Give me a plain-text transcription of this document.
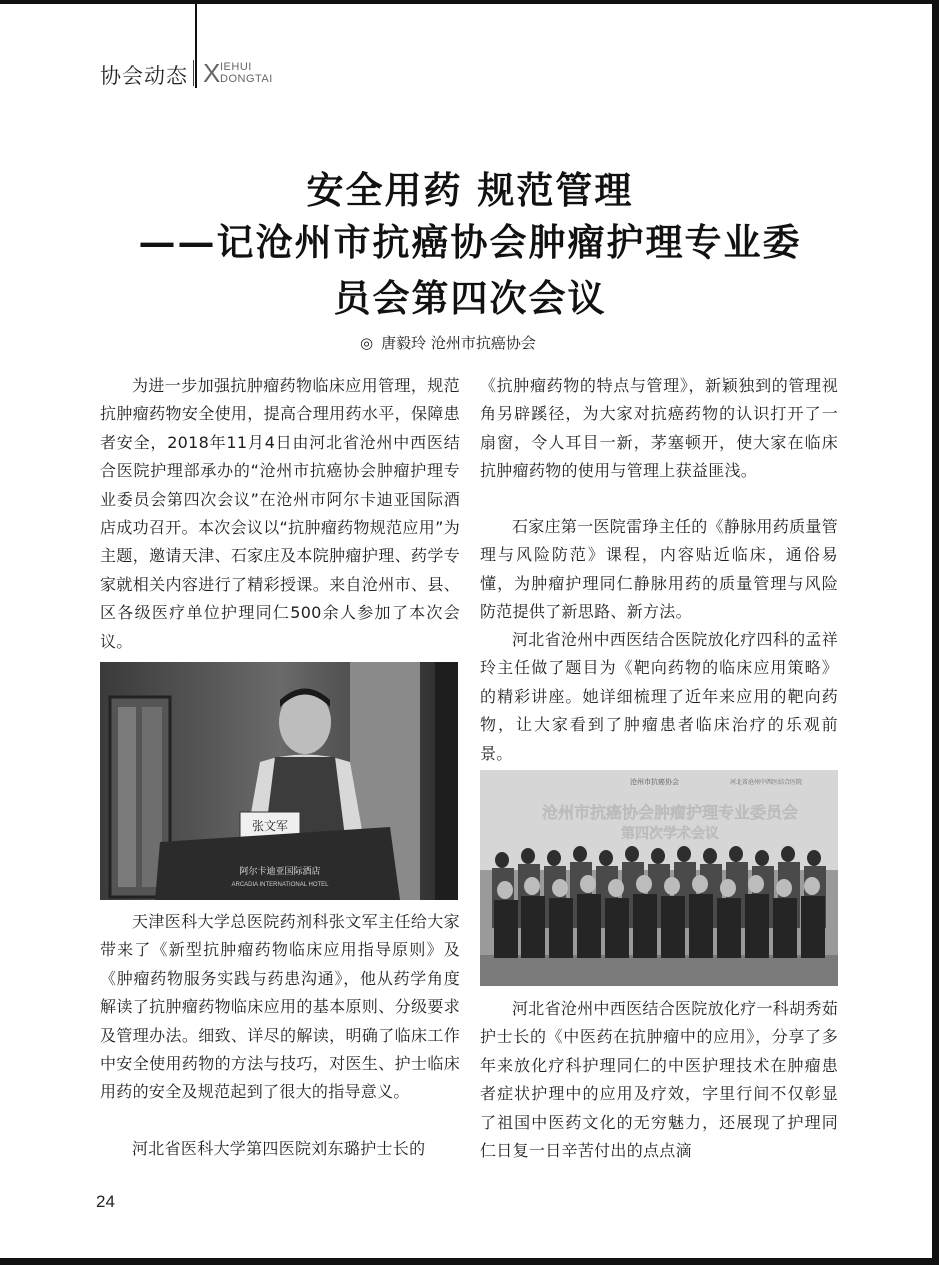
协会动态 X IEHUI
DONGTAI
安全用药 规范管理
——记沧州市抗癌协会肿瘤护理专业委
员会第四次会议
◎ 唐毅玲 沧州市抗癌协会

为进一步加强抗肿瘤药物临床应用管理，规范抗肿瘤药物安全使用，提高合理用药水平，保障患者安全，2018年11月4日由河北省沧州中西医结合医院护理部承办的“沧州市抗癌协会肿瘤护理专业委员会第四次会议”在沧州市阿尔卡迪亚国际酒店成功召开。本次会议以“抗肿瘤药物规范应用”为主题，邀请天津、石家庄及本院肿瘤护理、药学专家就相关内容进行了精彩授课。来自沧州市、县、区各级医疗单位护理同仁500余人参加了本次会议。

张文军
阿尔卡迪亚国际酒店
ARCADIA INTERNATIONAL HOTEL

天津医科大学总医院药剂科张文军主任给大家带来了《新型抗肿瘤药物临床应用指导原则》及《肿瘤药物服务实践与药患沟通》，他从药学角度解读了抗肿瘤药物临床应用的基本原则、分级要求及管理办法。细致、详尽的解读，明确了临床工作中安全使用药物的方法与技巧，对医生、护士临床用药的安全及规范起到了很大的指导意义。

河北省医科大学第四医院刘东璐护士长的

《抗肿瘤药物的特点与管理》，新颖独到的管理视角另辟蹊径，为大家对抗癌药物的认识打开了一扇窗，令人耳目一新，茅塞顿开，使大家在临床抗肿瘤药物的使用与管理上获益匪浅。

石家庄第一医院雷琤主任的《静脉用药质量管理与风险防范》课程，内容贴近临床，通俗易懂，为肿瘤护理同仁静脉用药的质量管理与风险防范提供了新思路、新方法。

河北省沧州中西医结合医院放化疗四科的孟祥玲主任做了题目为《靶向药物的临床应用策略》的精彩讲座。她详细梳理了近年来应用的靶向药物，让大家看到了肿瘤患者临床治疗的乐观前景。

沧州市抗癌协会	河北省沧州中西医结合医院
沧州市抗癌协会肿瘤护理专业委员会
第四次学术会议

河北省沧州中西医结合医院放化疗一科胡秀茹护士长的《中医药在抗肿瘤中的应用》，分享了多年来放化疗科护理同仁的中医护理技术在肿瘤患者症状护理中的应用及疗效，字里行间不仅彰显了祖国中医药文化的无穷魅力，还展现了护理同仁日复一日辛苦付出的点点滴

24
